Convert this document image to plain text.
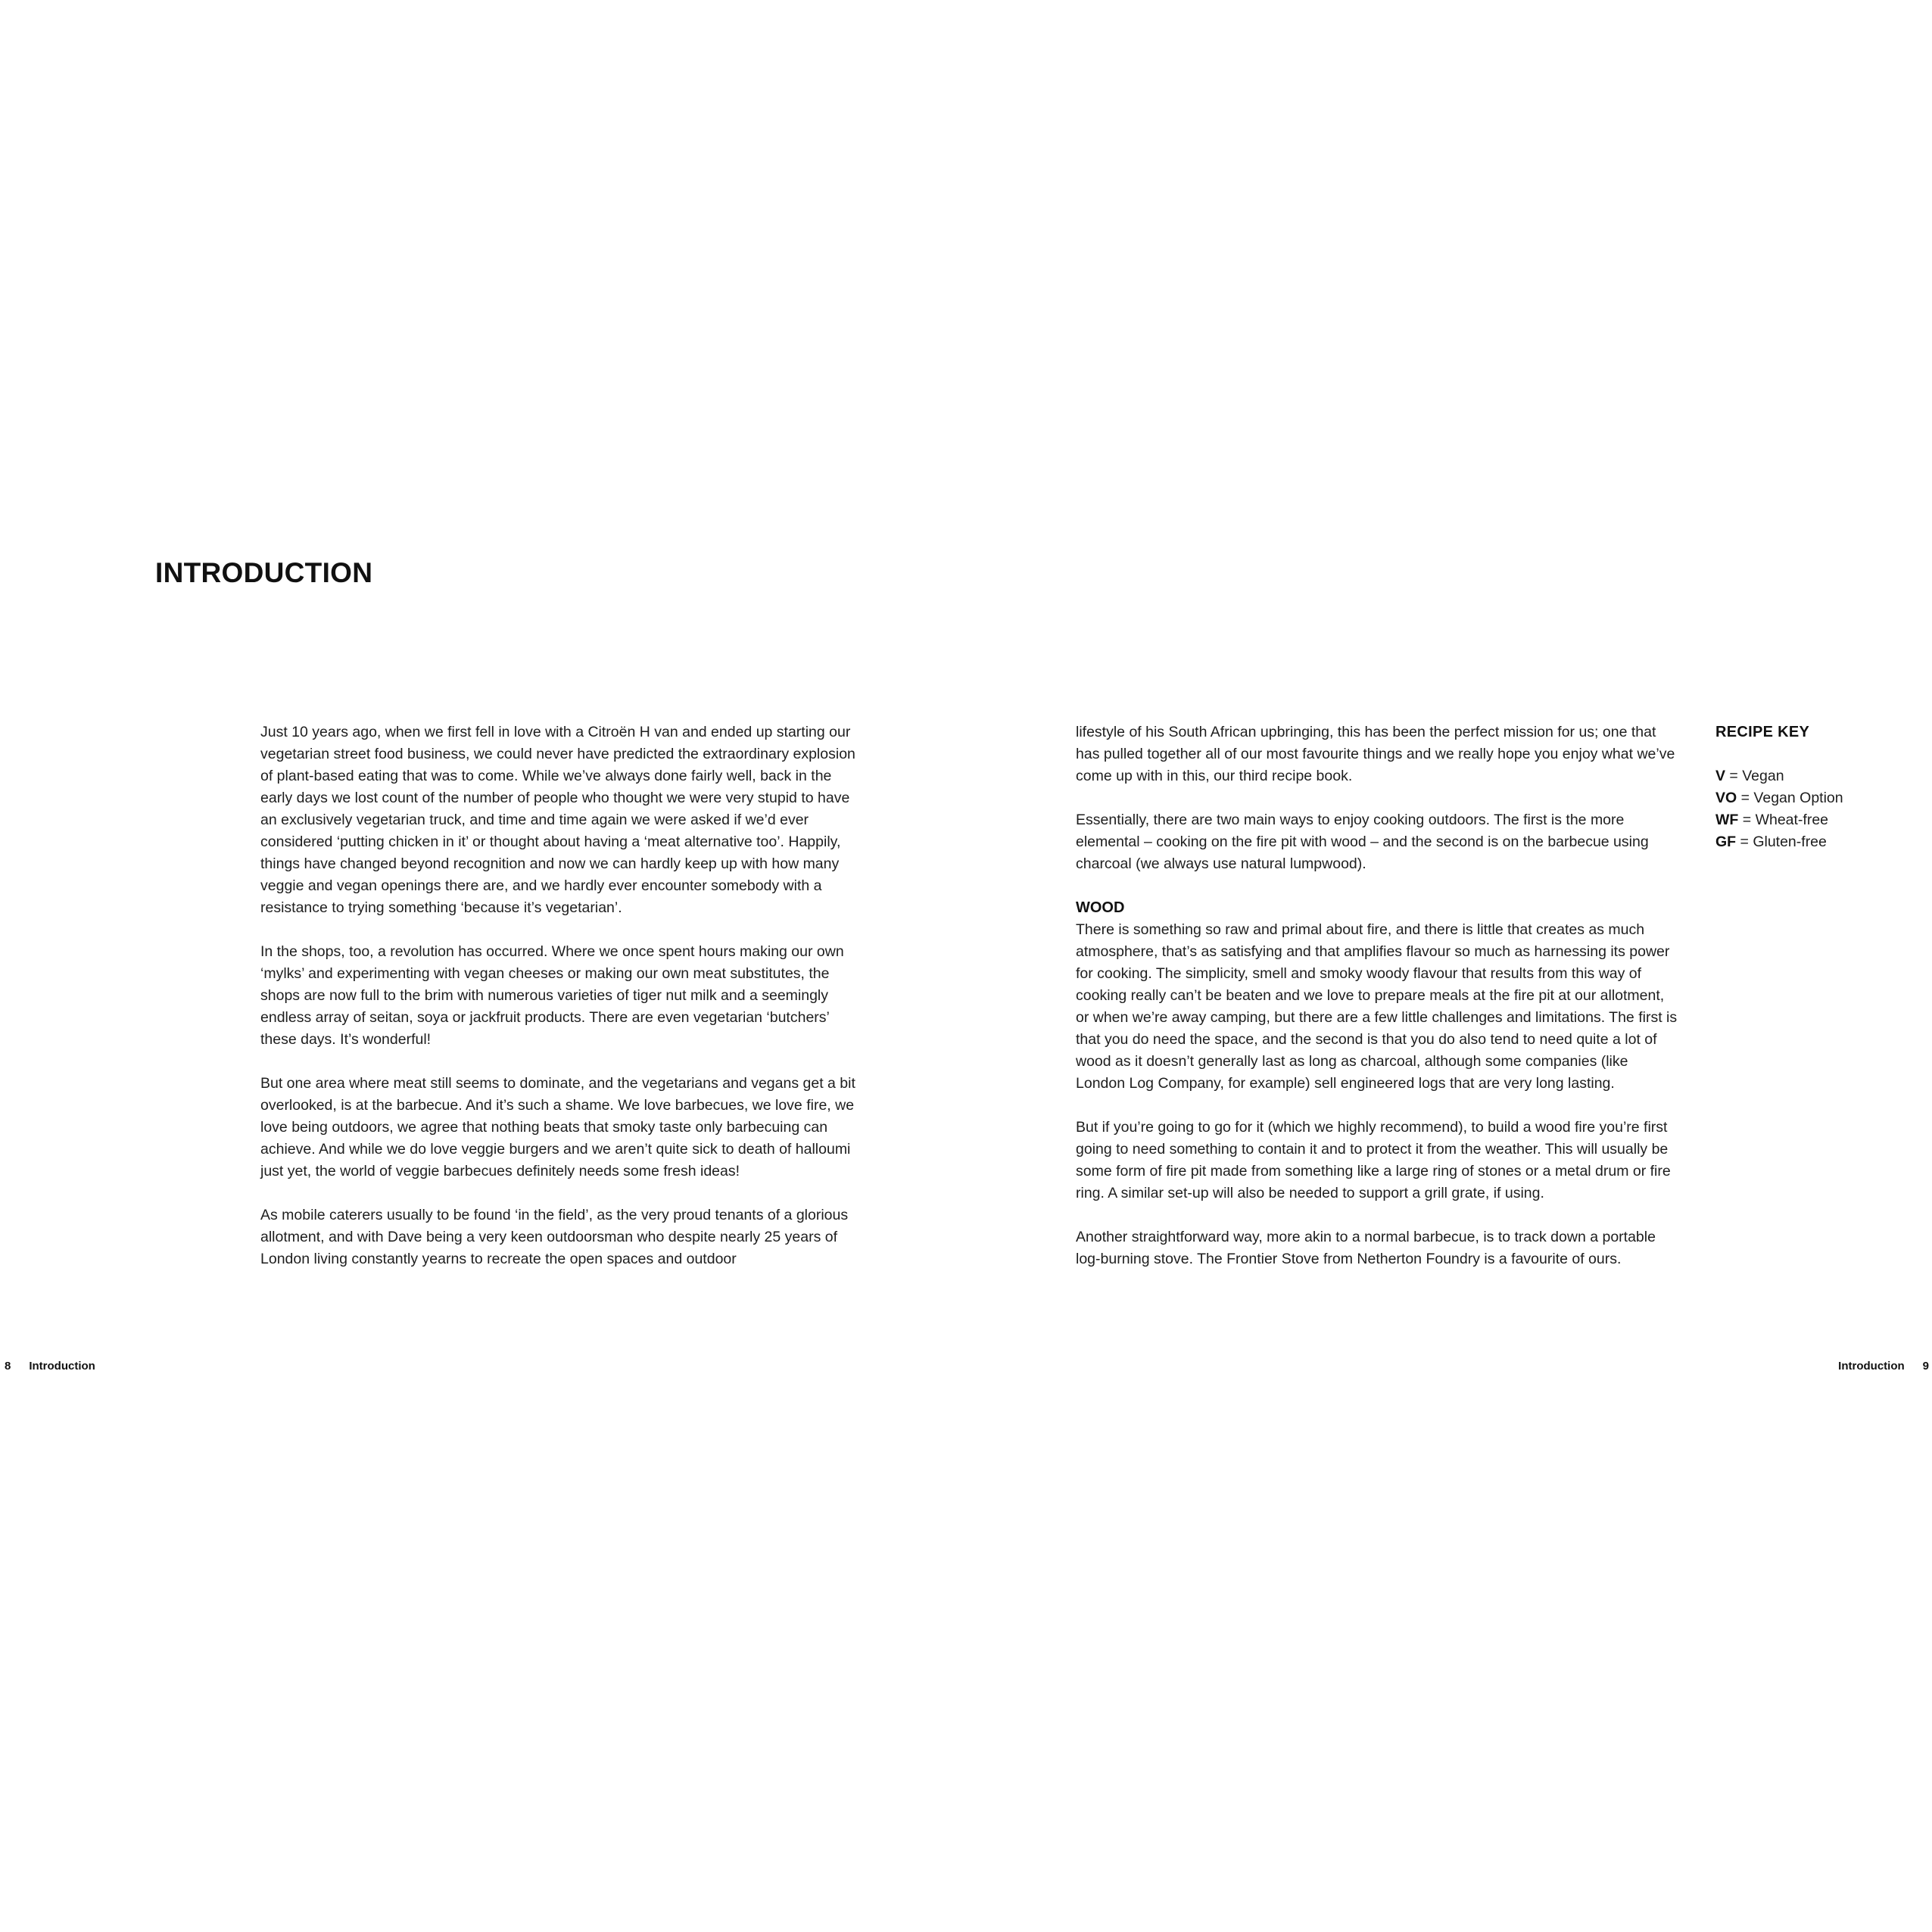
INTRODUCTION

Just 10 years ago, when we first fell in love with a Citroën H van and ended up starting our vegetarian street food business, we could never have predicted the extraordinary explosion of plant-based eating that was to come. While we’ve always done fairly well, back in the early days we lost count of the number of people who thought we were very stupid to have an exclusively vegetarian truck, and time and time again we were asked if we’d ever considered ‘putting chicken in it’ or thought about having a ‘meat alternative too’. Happily, things have changed beyond recognition and now we can hardly keep up with how many veggie and vegan openings there are, and we hardly ever encounter somebody with a resistance to trying something ‘because it’s vegetarian’.

In the shops, too, a revolution has occurred. Where we once spent hours making our own ‘mylks’ and experimenting with vegan cheeses or making our own meat substitutes, the shops are now full to the brim with numerous varieties of tiger nut milk and a seemingly endless array of seitan, soya or jackfruit products. There are even vegetarian ‘butchers’ these days. It’s wonderful!

But one area where meat still seems to dominate, and the vegetarians and vegans get a bit overlooked, is at the barbecue. And it’s such a shame. We love barbecues, we love fire, we love being outdoors, we agree that nothing beats that smoky taste only barbecuing can achieve. And while we do love veggie burgers and we aren’t quite sick to death of halloumi just yet, the world of veggie barbecues definitely needs some fresh ideas!

As mobile caterers usually to be found ‘in the field’, as the very proud tenants of a glorious allotment, and with Dave being a very keen outdoorsman who despite nearly 25 years of London living constantly yearns to recreate the open spaces and outdoor

lifestyle of his South African upbringing, this has been the perfect mission for us; one that has pulled together all of our most favourite things and we really hope you enjoy what we’ve come up with in this, our third recipe book.

Essentially, there are two main ways to enjoy cooking outdoors. The first is the more elemental – cooking on the fire pit with wood – and the second is on the barbecue using charcoal (we always use natural lumpwood).

WOOD

There is something so raw and primal about fire, and there is little that creates as much atmosphere, that’s as satisfying and that amplifies flavour so much as harnessing its power for cooking. The simplicity, smell and smoky woody flavour that results from this way of cooking really can’t be beaten and we love to prepare meals at the fire pit at our allotment, or when we’re away camping, but there are a few little challenges and limitations. The first is that you do need the space, and the second is that you do also tend to need quite a lot of wood as it doesn’t generally last as long as charcoal, although some companies (like London Log Company, for example) sell engineered logs that are very long lasting.

But if you’re going to go for it (which we highly recommend), to build a wood fire you’re first going to need something to contain it and to protect it from the weather. This will usually be some form of fire pit made from something like a large ring of stones or a metal drum or fire ring. A similar set-up will also be needed to support a grill grate, if using.

Another straightforward way, more akin to a normal barbecue, is to track down a portable log-burning stove. The Frontier Stove from Netherton Foundry is a favourite of ours.

RECIPE KEY
V = Vegan
VO = Vegan Option
WF = Wheat-free
GF = Gluten-free
8 Introduction	Introduction 9
